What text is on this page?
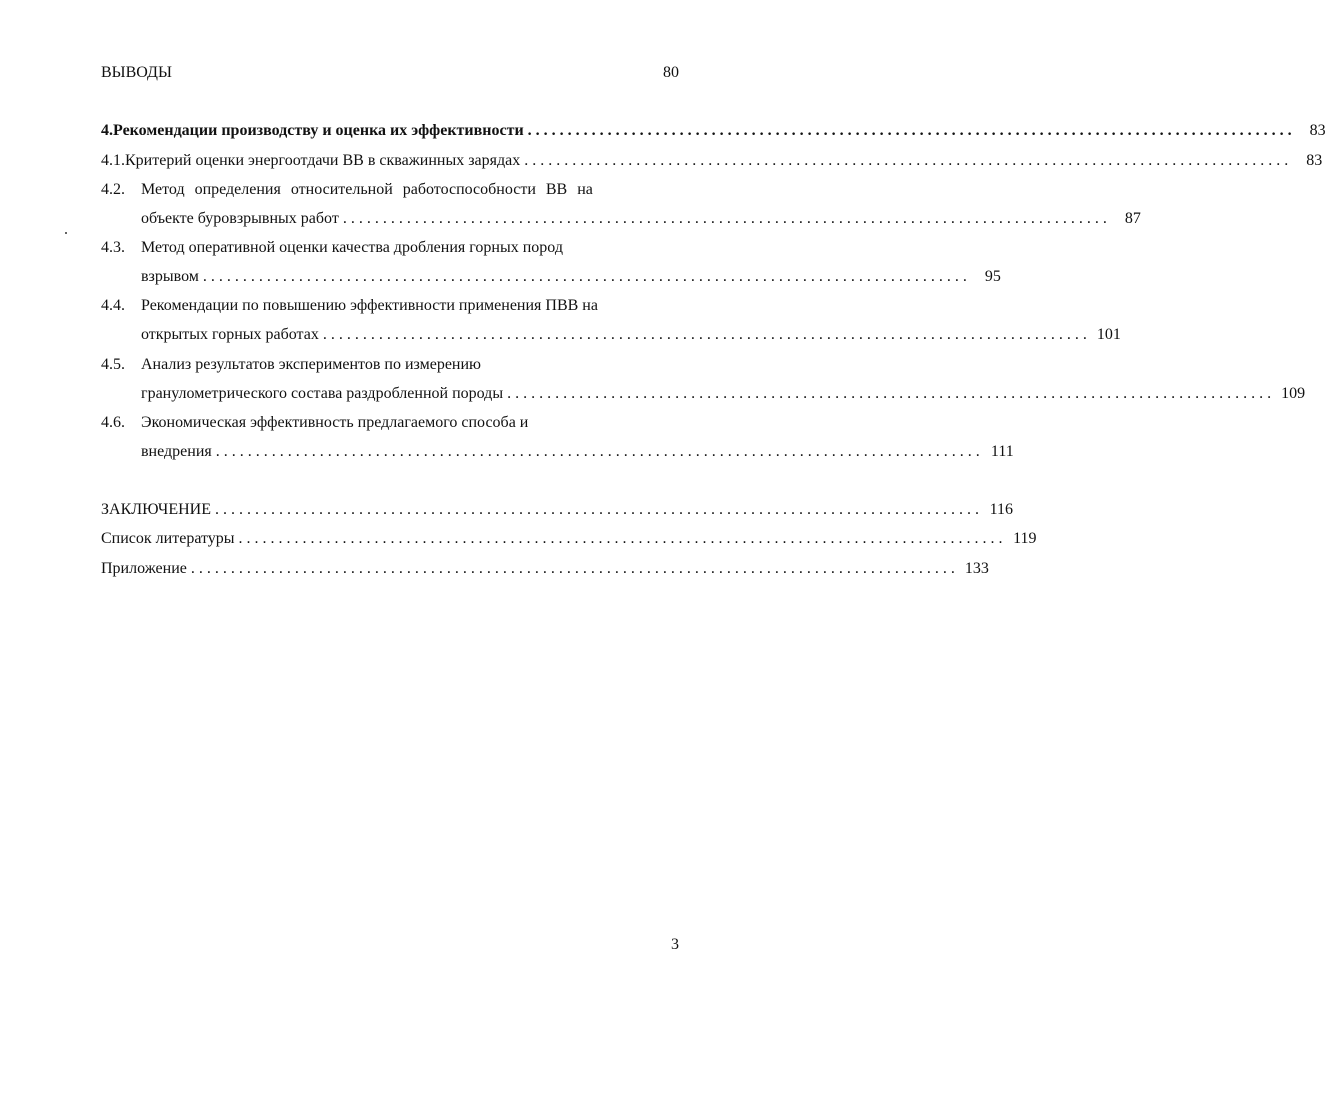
ВЫВОДЫ	80
4. Рекомендации производству и оценка их эффективности . . .	83
4.1. Критерий оценки энергоотдачи ВВ в скважинных зарядах . . .	83
4.2.	Метод определения относительной работоспособности ВВ на
объекте буровзрывных работ . . .	87
4.3.	Метод оперативной оценки качества дробления горных пород
взрывом . . .	95
4.4.	Рекомендации по повышению эффективности применения ПВВ на
открытых горных работах . . .	101
4.5.	Анализ результатов экспериментов по измерению
гранулометрического состава раздробленной породы . . .	109
4.6.	Экономическая эффективность предлагаемого способа и
внедрения . . .	111
ЗАКЛЮЧЕНИЕ . . .	116
Список литературы . . .	119
Приложение . . .	133
3
